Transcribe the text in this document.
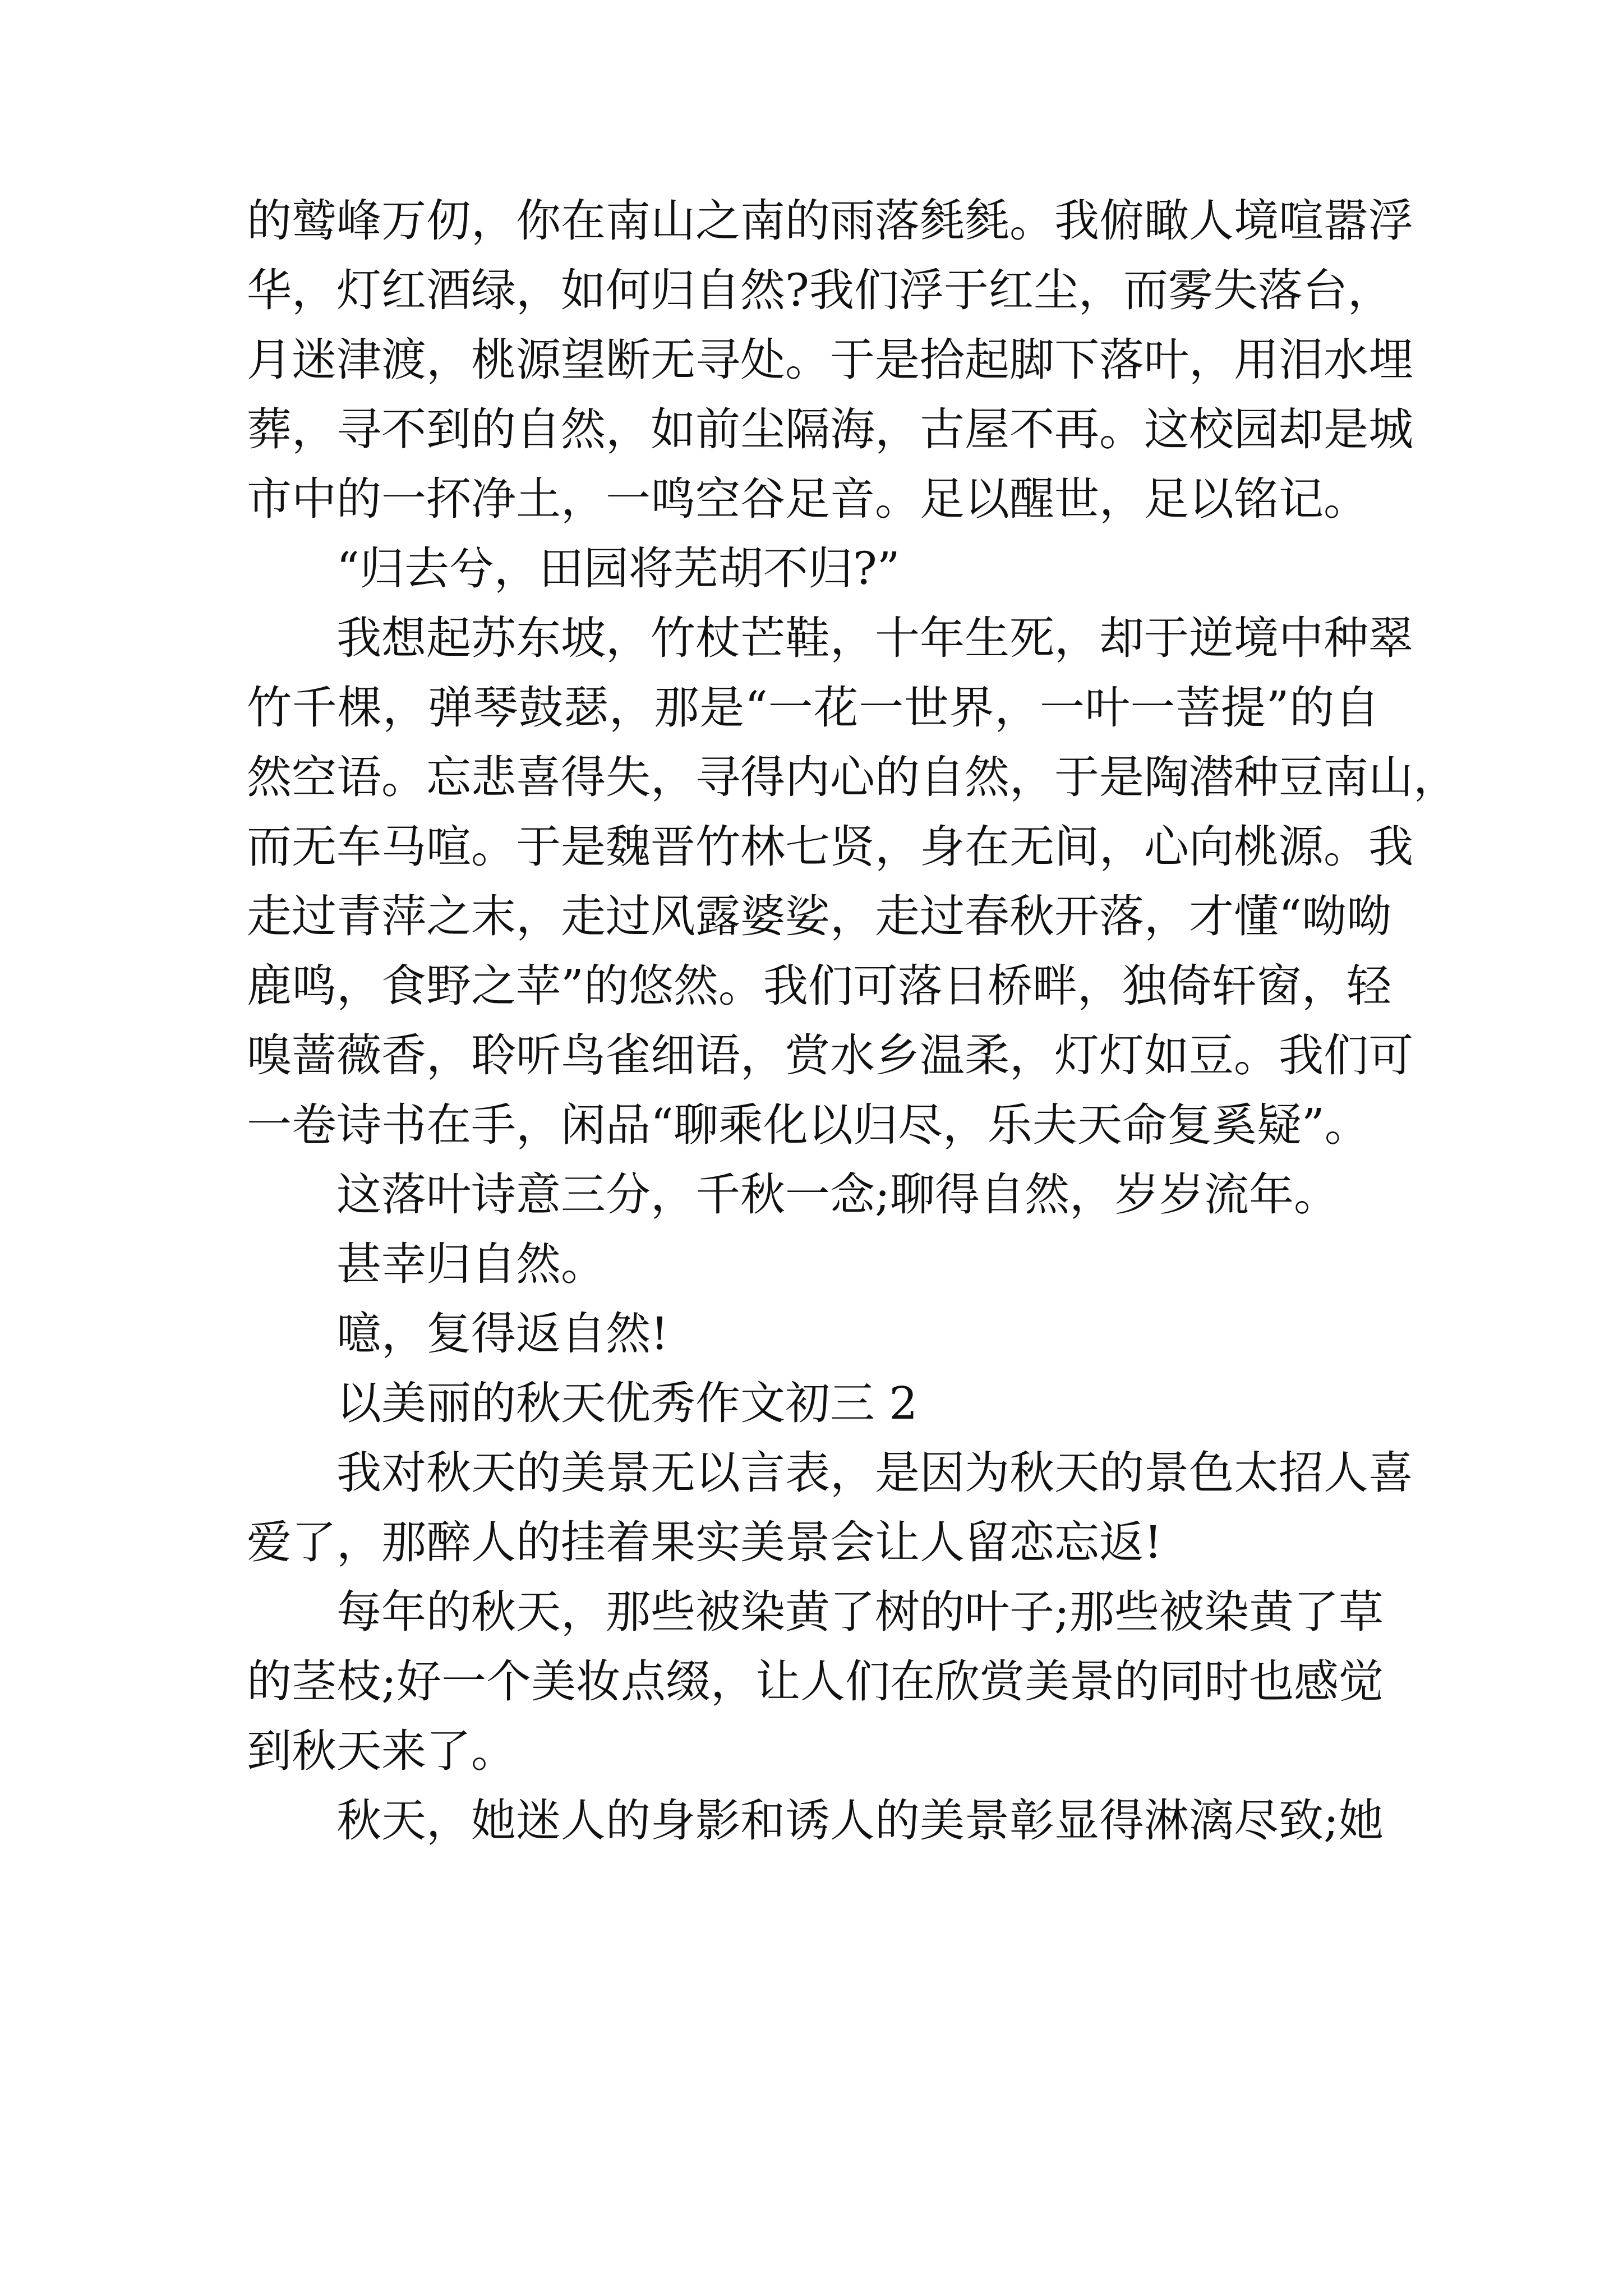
的鹫峰万仞，你在南山之南的雨落毵毵。我俯瞰人境喧嚣浮
华，灯红酒绿，如何归自然?我们浮于红尘，而雾失落台，
月迷津渡，桃源望断无寻处。于是拾起脚下落叶，用泪水埋
葬，寻不到的自然，如前尘隔海，古屋不再。这校园却是城
市中的一抔净土，一鸣空谷足音。足以醒世，足以铭记。
“归去兮，田园将芜胡不归?”
我想起苏东坡，竹杖芒鞋，十年生死，却于逆境中种翠
竹千棵，弹琴鼓瑟，那是“一花一世界，一叶一菩提”的自
然空语。忘悲喜得失，寻得内心的自然，于是陶潜种豆南山，
而无车马喧。于是魏晋竹林七贤，身在无间，心向桃源。我
走过青萍之末，走过风露婆娑，走过春秋开落，才懂“呦呦
鹿鸣，食野之苹”的悠然。我们可落日桥畔，独倚轩窗，轻
嗅蔷薇香，聆听鸟雀细语，赏水乡温柔，灯灯如豆。我们可
一卷诗书在手，闲品“聊乘化以归尽，乐夫天命复奚疑”。
这落叶诗意三分，千秋一念;聊得自然，岁岁流年。
甚幸归自然。
噫，复得返自然!
以美丽的秋天优秀作文初三 2
我对秋天的美景无以言表，是因为秋天的景色太招人喜
爱了，那醉人的挂着果实美景会让人留恋忘返!
每年的秋天，那些被染黄了树的叶子;那些被染黄了草
的茎枝;好一个美妆点缀，让人们在欣赏美景的同时也感觉
到秋天来了。
秋天，她迷人的身影和诱人的美景彰显得淋漓尽致;她
